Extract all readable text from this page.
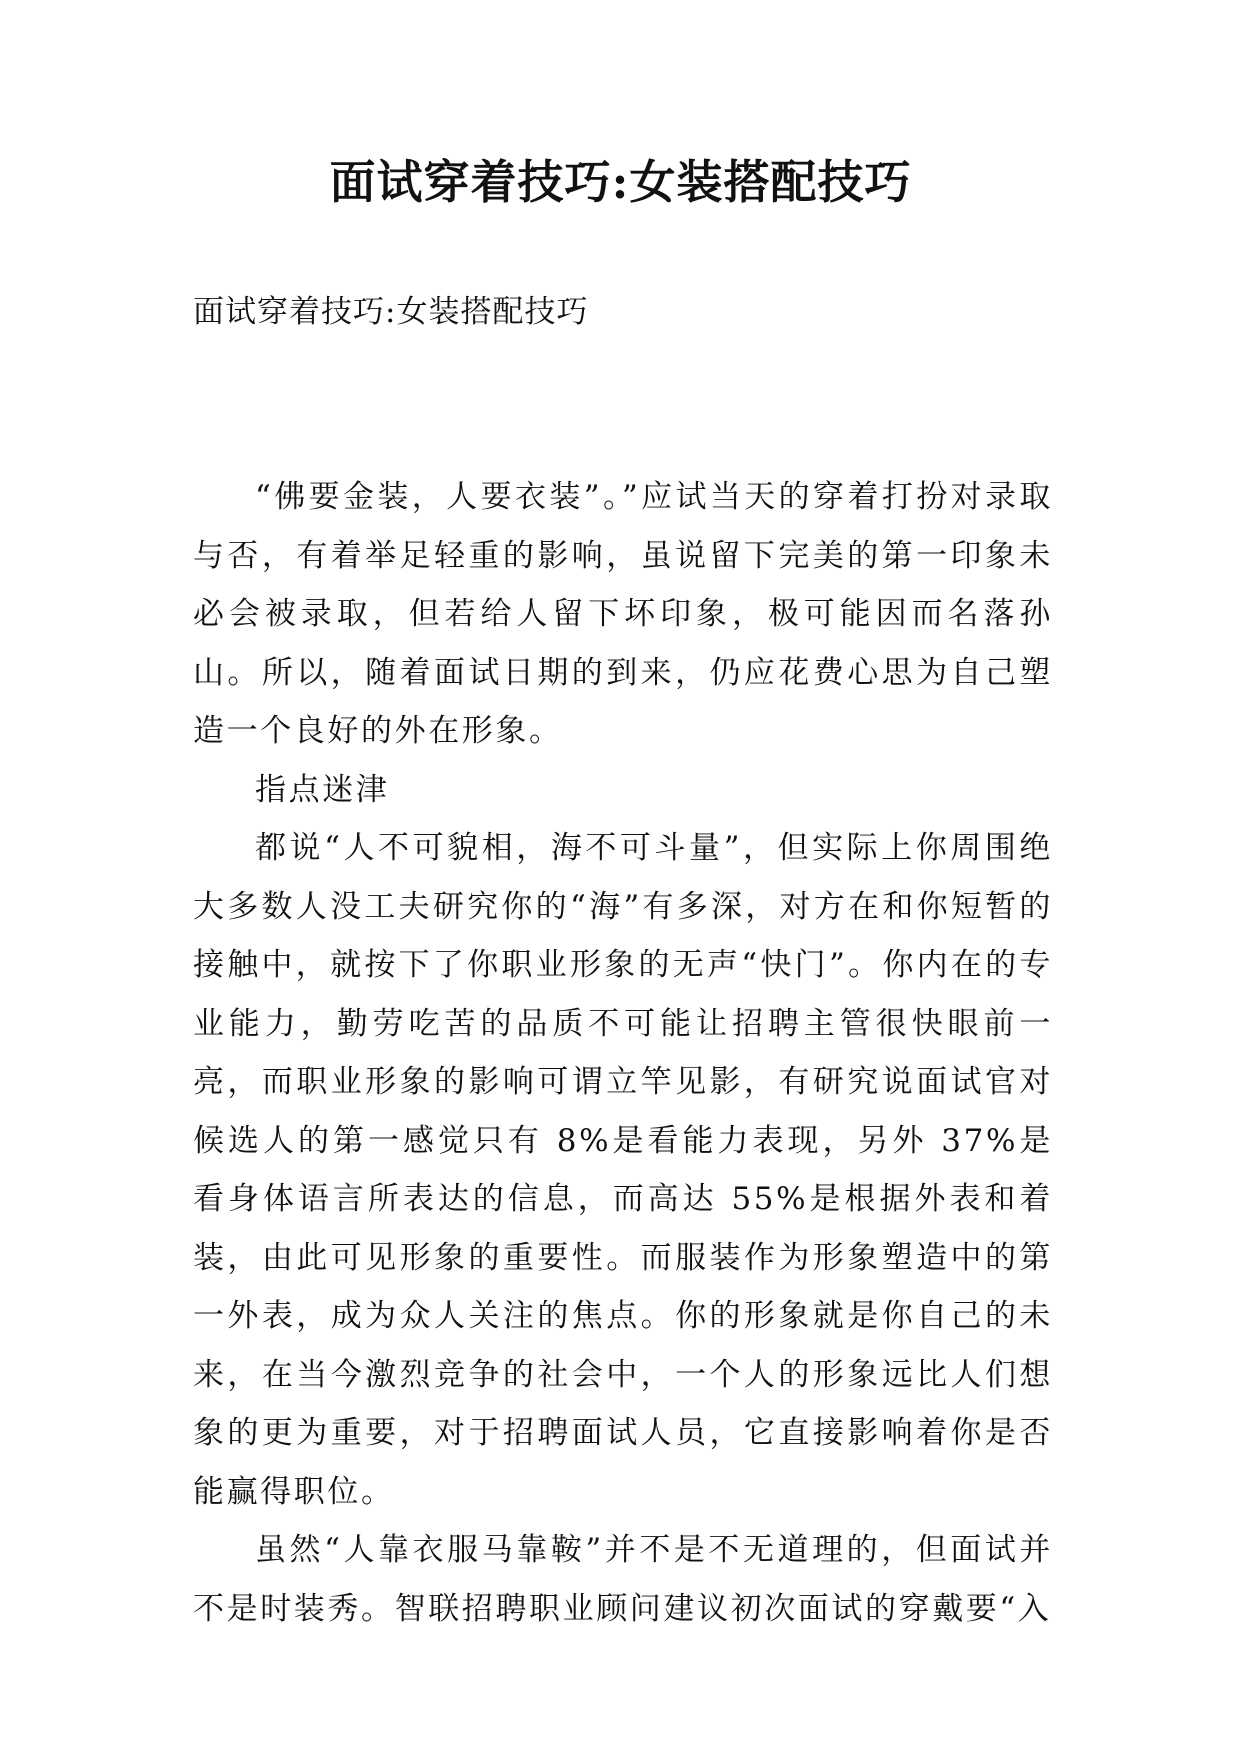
面试穿着技巧:女装搭配技巧
面试穿着技巧:女装搭配技巧

“佛要金装，人要衣装”。”应试当天的穿着打扮对录取与否，有着举足轻重的影响，虽说留下完美的第一印象未必会被录取，但若给人留下坏印象，极可能因而名落孙山。所以，随着面试日期的到来，仍应花费心思为自己塑造一个良好的外在形象。

指点迷津

都说“人不可貌相，海不可斗量”，但实际上你周围绝大多数人没工夫研究你的“海”有多深，对方在和你短暂的接触中，就按下了你职业形象的无声“快门”。你内在的专业能力，勤劳吃苦的品质不可能让招聘主管很快眼前一亮，而职业形象的影响可谓立竿见影，有研究说面试官对候选人的第一感觉只有 8%是看能力表现，另外 37%是看身体语言所表达的信息，而高达 55%是根据外表和着装，由此可见形象的重要性。而服装作为形象塑造中的第一外表，成为众人关注的焦点。你的形象就是你自己的未来，在当今激烈竞争的社会中，一个人的形象远比人们想象的更为重要，对于招聘面试人员，它直接影响着你是否能赢得职位。

虽然“人靠衣服马靠鞍”并不是不无道理的，但面试并不是时装秀。智联招聘职业顾问建议初次面试的穿戴要“入
